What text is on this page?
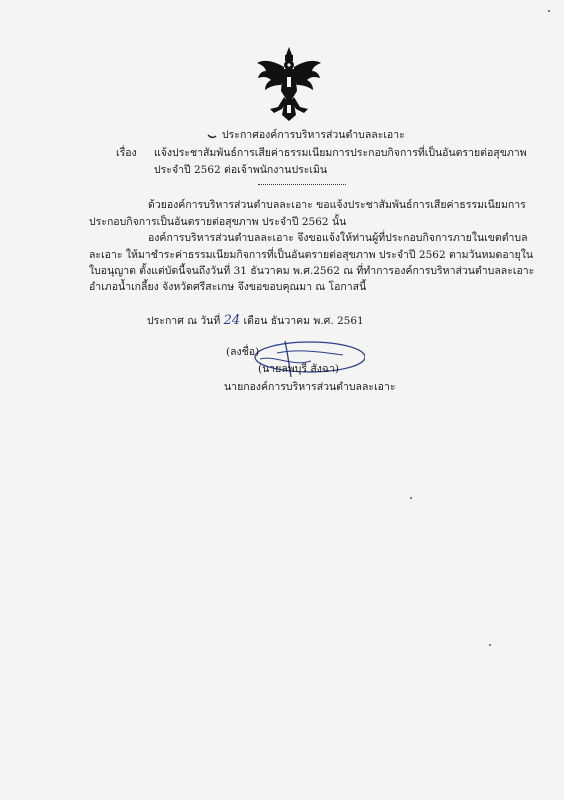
ประกาศองค์การบริหารส่วนตำบลละเอาะ
เรื่อง แจ้งประชาสัมพันธ์การเสียค่าธรรมเนียมการประกอบกิจการที่เป็นอันตรายต่อสุขภาพ
ประจำปี 2562 ต่อเจ้าพนักงานประเมิน
ด้วยองค์การบริหารส่วนตำบลละเอาะ ขอแจ้งประชาสัมพันธ์การเสียค่าธรรมเนียมการ
ประกอบกิจการเป็นอันตรายต่อสุขภาพ ประจำปี 2562 นั้น
องค์การบริหารส่วนตำบลละเอาะ จึงขอแจ้งให้ท่านผู้ที่ประกอบกิจการภายในเขตตำบล
ละเอาะ ให้มาชำระค่าธรรมเนียมกิจการที่เป็นอันตรายต่อสุขภาพ ประจำปี 2562 ตามวันหมดอายุใน
ใบอนุญาต ตั้งแต่บัดนี้จนถึงวันที่ 31 ธันวาคม พ.ศ.2562 ณ ที่ทำการองค์การบริหาส่วนตำบลละเอาะ
อำเภอน้ำเกลี้ยง จังหวัดศรีสะเกษ จึงขอขอบคุณมา ณ โอกาสนี้
ประกาศ ณ วันที่ 24 เดือน ธันวาคม พ.ศ. 2561
(ลงชื่อ)
(นายลพบุรี สังฉา)
นายกองค์การบริหารส่วนตำบลละเอาะ
